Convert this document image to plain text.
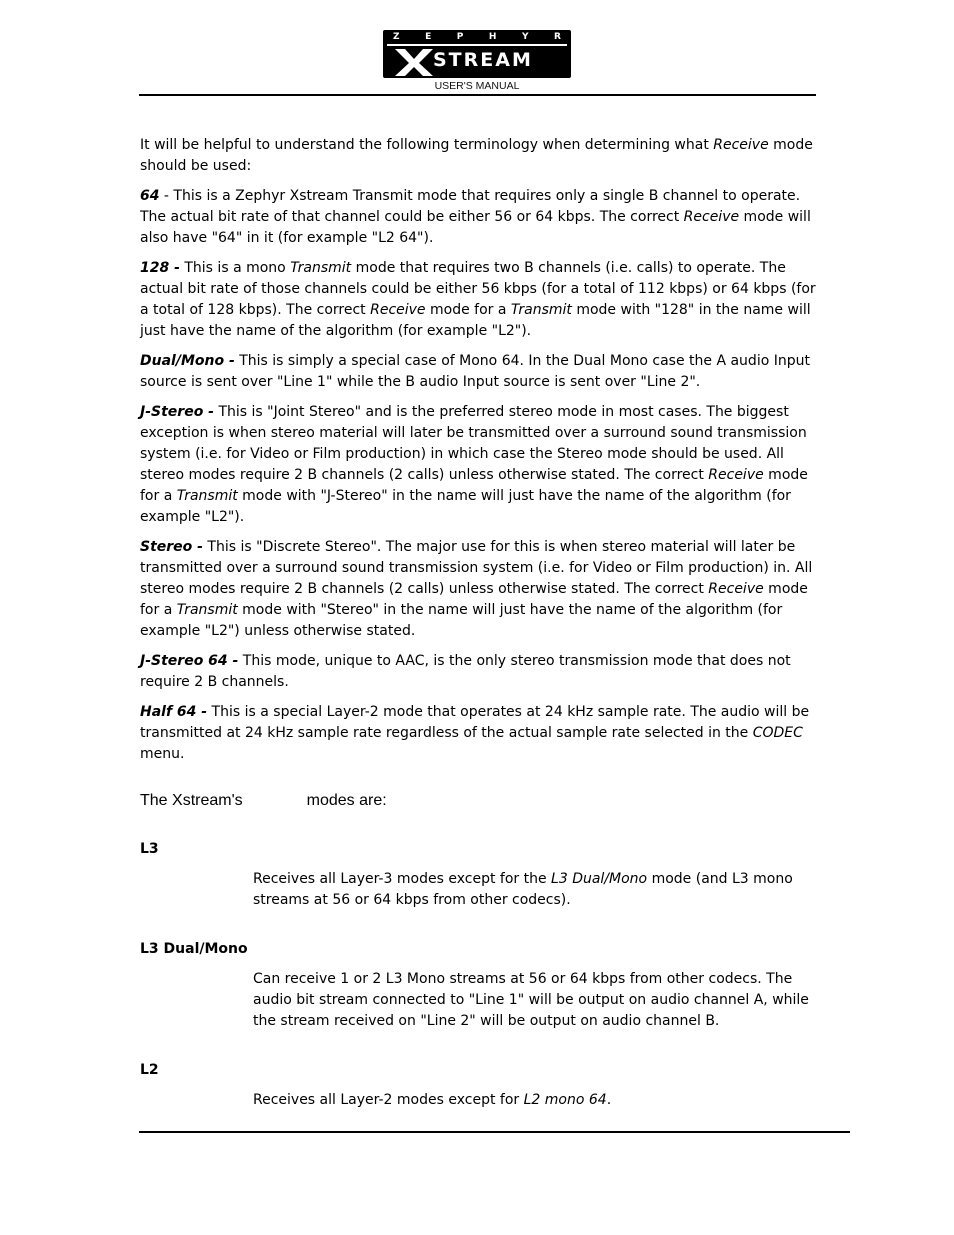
Z	E	P	H	Y	R
STREAM
USER'S MANUAL

It will be helpful to understand the following terminology when determining what Receive mode should be used:

64 - This is a Zephyr Xstream Transmit mode that requires only a single B channel to operate. The actual bit rate of that channel could be either 56 or 64 kbps. The correct Receive mode will also have "64" in it (for example "L2 64").

128 - This is a mono Transmit mode that requires two B channels (i.e. calls) to operate. The actual bit rate of those channels could be either 56 kbps (for a total of 112 kbps) or 64 kbps (for a total of 128 kbps). The correct Receive mode for a Transmit mode with "128" in the name will just have the name of the algorithm (for example "L2").

Dual/Mono - This is simply a special case of Mono 64. In the Dual Mono case the A audio Input source is sent over "Line 1" while the B audio Input source is sent over "Line 2".

J-Stereo - This is "Joint Stereo" and is the preferred stereo mode in most cases. The biggest exception is when stereo material will later be transmitted over a surround sound transmission system (i.e. for Video or Film production) in which case the Stereo mode should be used. All stereo modes require 2 B channels (2 calls) unless otherwise stated. The correct Receive mode for a Transmit mode with "J-Stereo" in the name will just have the name of the algorithm (for example "L2").

Stereo - This is "Discrete Stereo". The major use for this is when stereo material will later be transmitted over a surround sound transmission system (i.e. for Video or Film production) in. All stereo modes require 2 B channels (2 calls) unless otherwise stated. The correct Receive mode for a Transmit mode with "Stereo" in the name will just have the name of the algorithm (for example "L2") unless otherwise stated.

J-Stereo 64 - This mode, unique to AAC, is the only stereo transmission mode that does not require 2 B channels.

Half 64 - This is a special Layer-2 mode that operates at 24 kHz sample rate. The audio will be transmitted at 24 kHz sample rate regardless of the actual sample rate selected in the CODEC menu.

The Xstream's	modes are:

L3

Receives all Layer-3 modes except for the L3 Dual/Mono mode (and L3 mono streams at 56 or 64 kbps from other codecs).

L3 Dual/Mono

Can receive 1 or 2 L3 Mono streams at 56 or 64 kbps from other codecs. The audio bit stream connected to "Line 1" will be output on audio channel A, while the stream received on "Line 2" will be output on audio channel B.

L2

Receives all Layer-2 modes except for L2 mono 64.
